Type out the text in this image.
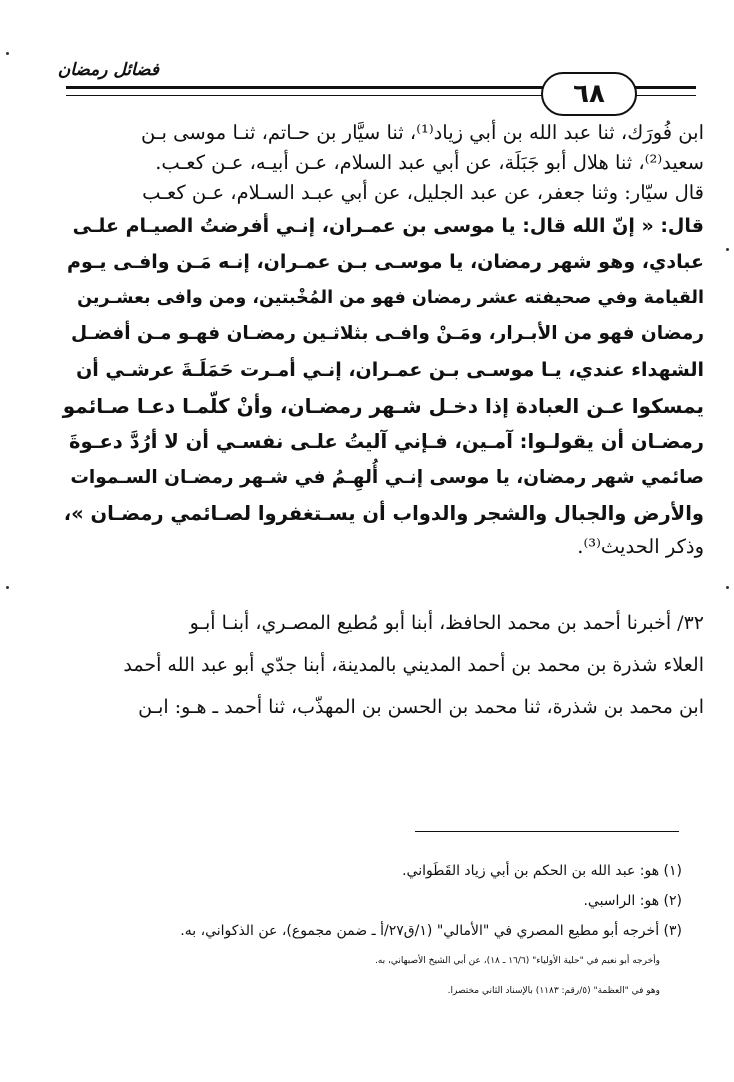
فضائل رمضان
٦٨

ابن فُورَك، ثنا عبد الله بن أبي زياد⁽¹⁾، ثنا سيَّار بن حـاتم، ثنـا موسى بـن

سعيد⁽²⁾، ثنا هلال أبو جَبَلَة، عن أبي عبد السلام، عـن أبيـه، عـن كعـب.

قال سيّار: وثنا جعفر، عن عبد الجليل، عن أبي عبـد السـلام، عـن كعـب

قال: « إنّ الله قال: يا موسى بن عمـران، إنـي أفرضتُ الصيـام علـى

عبادي، وهو شهر رمضان، يا موسـى بـن عمـران، إنـه مَـن وافـى يـوم

القيامة وفي صحيفته عشر رمضان فهو من المُخْبتين، ومن وافى بعشـرين

رمضان فهو من الأبـرار، ومَـنْ وافـى بثلاثـين رمضـان فهـو مـن أفضـل

الشهداء عندي، يـا موسـى بـن عمـران، إنـي أمـرت حَمَلَـةَ عرشـي أن

يمسكوا عـن العبادة إذا دخـل شـهر رمضـان، وأنْ كلّمـا دعـا صـائمو

رمضـان أن يقولـوا: آمـين، فـإني آليتُ علـى نفسـي أن لا أرُدَّ دعـوةَ

صائمي شهر رمضان، يا موسى إنـي أُلهِـمُ في شـهر رمضـان السـموات

والأرض والجبال والشجر والدواب أن يسـتغفروا لصـائمي رمضـان »،

وذكر الحديث⁽³⁾.

٣٢/ أخبرنا أحمد بن محمد الحافظ، أبنا أبو مُطيع المصـري، أبنـا أبـو

العلاء شذرة بن محمد بن أحمد المديني بالمدينة، أبنا جدّي أبو عبد الله أحمد

ابن محمد بن شذرة، ثنا محمد بن الحسن بن المهذّب، ثنا أحمد ـ هـو: ابـن

(١) هو: عبد الله بن الحكم بن أبي زياد القَطَواني.

(٢) هو: الراسبي.

(٣) أخرجه أبو مطيع المصري في "الأمالي" (١/ق٢٧/أ ـ ضمن مجموع)، عن الذكواني، به.

وأخرجه أبو نعيم في "حلية الأولياء" (١٦/٦ ـ ١٨)، عن أبي الشيخ الأصبهاني، به.

وهو في "العظمة" (٥/رقم: ١١٨٣) بالإسناد الثاني مختصرا.
